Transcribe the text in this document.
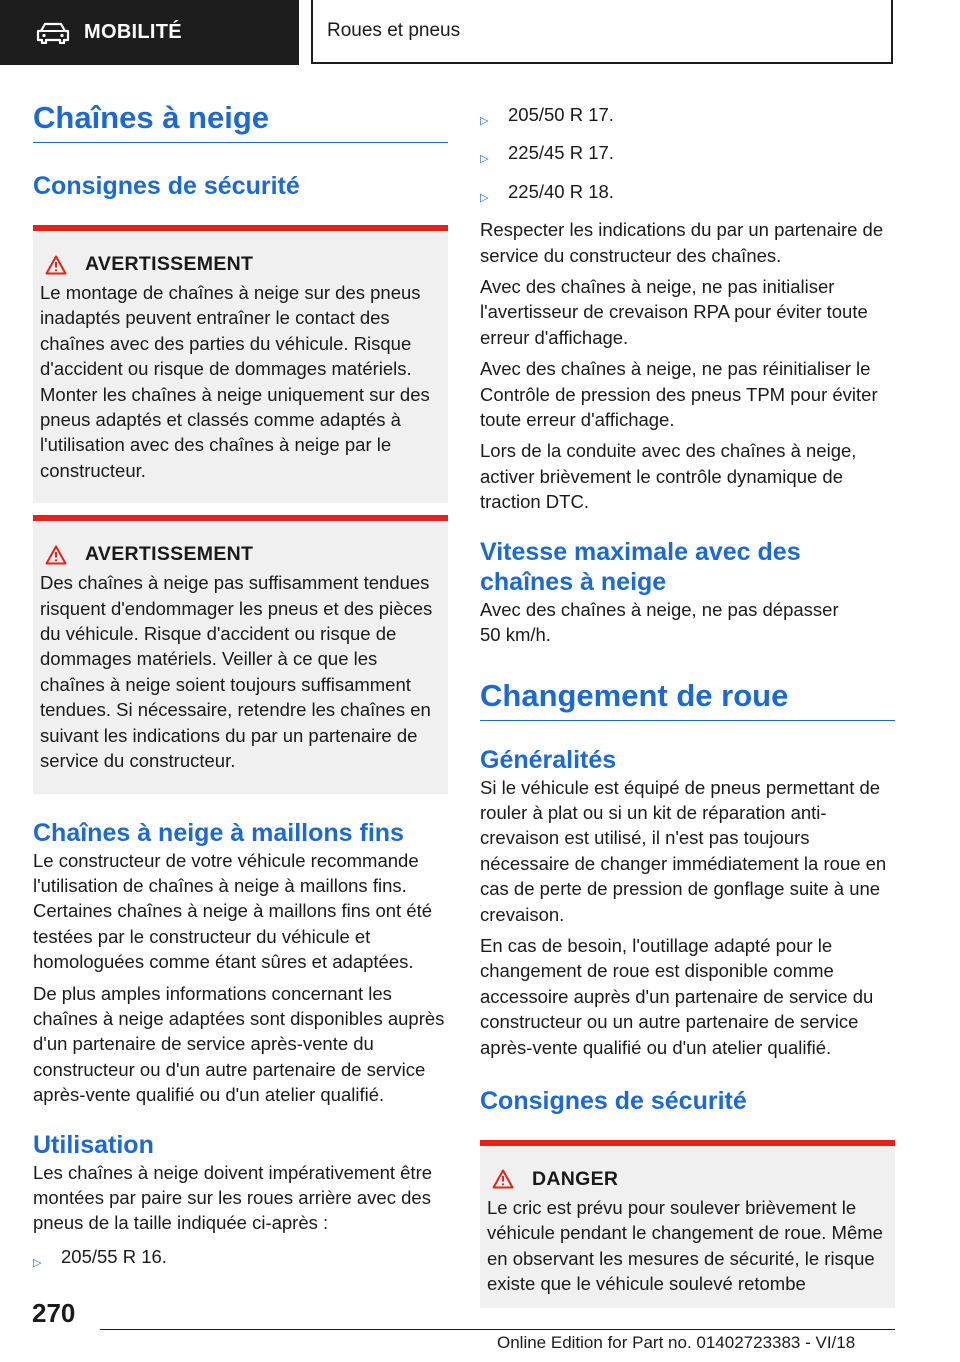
MOBILITÉ	Roues et pneus
Chaînes à neige
Consignes de sécurité
AVERTISSEMENT

Le montage de chaînes à neige sur des pneus inadaptés peuvent entraîner le contact des chaînes avec des parties du véhicule. Risque d'accident ou risque de dommages matériels. Monter les chaînes à neige uniquement sur des pneus adaptés et classés comme adaptés à l'utilisation avec des chaînes à neige par le constructeur.

AVERTISSEMENT

Des chaînes à neige pas suffisamment tendues risquent d'endommager les pneus et des pièces du véhicule. Risque d'accident ou risque de dommages matériels. Veiller à ce que les chaînes à neige soient toujours suffisamment tendues. Si nécessaire, retendre les chaînes en suivant les indications du par un partenaire de service du constructeur.

Chaînes à neige à maillons fins

Le constructeur de votre véhicule recommande l'utilisation de chaînes à neige à maillons fins. Certaines chaînes à neige à maillons fins ont été testées par le constructeur du véhicule et homologuées comme étant sûres et adaptées.

De plus amples informations concernant les chaînes à neige adaptées sont disponibles auprès d'un partenaire de service après-vente du constructeur ou d'un autre partenaire de service après-vente qualifié ou d'un atelier qualifié.

Utilisation

Les chaînes à neige doivent impérativement être montées par paire sur les roues arrière avec des pneus de la taille indiquée ci-après :

▷	205/55 R 16.
▷	205/50 R 17.
▷	225/45 R 17.
▷	225/40 R 18.

Respecter les indications du par un partenaire de service du constructeur des chaînes.

Avec des chaînes à neige, ne pas initialiser l'avertisseur de crevaison RPA pour éviter toute erreur d'affichage.

Avec des chaînes à neige, ne pas réinitialiser le Contrôle de pression des pneus TPM pour éviter toute erreur d'affichage.

Lors de la conduite avec des chaînes à neige, activer brièvement le contrôle dynamique de traction DTC.

Vitesse maximale avec des chaînes à neige

Avec des chaînes à neige, ne pas dépasser 50 km/h.

Changement de roue
Généralités

Si le véhicule est équipé de pneus permettant de rouler à plat ou si un kit de réparation anti-crevaison est utilisé, il n'est pas toujours nécessaire de changer immédiatement la roue en cas de perte de pression de gonflage suite à une crevaison.

En cas de besoin, l'outillage adapté pour le changement de roue est disponible comme accessoire auprès d'un partenaire de service du constructeur ou un autre partenaire de service après-vente qualifié ou d'un atelier qualifié.

Consignes de sécurité
DANGER

Le cric est prévu pour soulever brièvement le véhicule pendant le changement de roue. Même en observant les mesures de sécurité, le risque existe que le véhicule soulevé retombe

270
Online Edition for Part no. 01402723383 - VI/18
